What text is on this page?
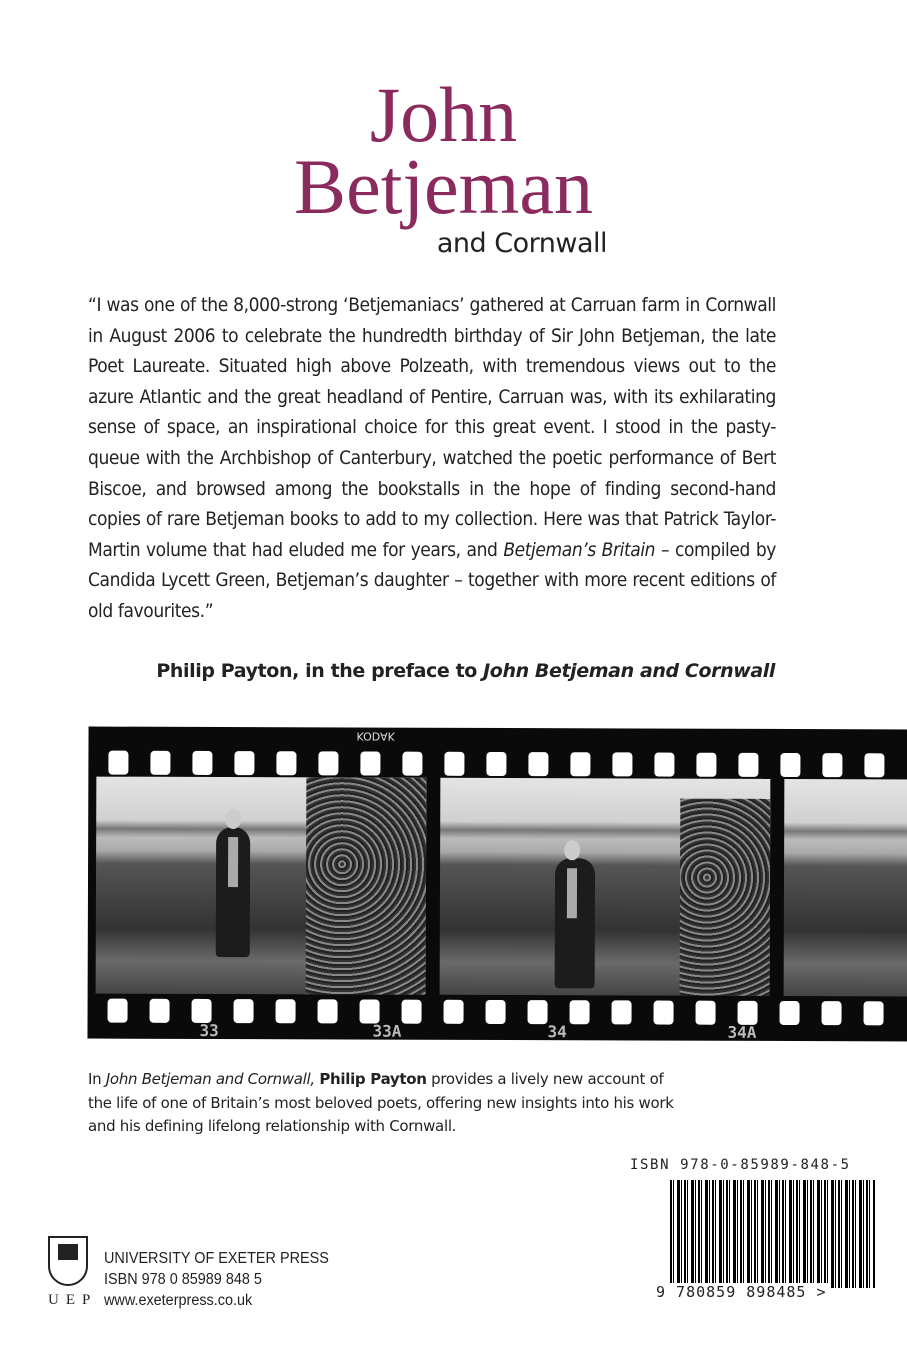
John
Betjeman
and Cornwall
“I was one of the 8,000-strong ‘Betjemaniacs’ gathered at Carruan farm in Cornwall in August 2006 to celebrate the hundredth birthday of Sir John Betjeman, the late Poet Laureate. Situated high above Polzeath, with tremendous views out to the azure Atlantic and the great headland of Pentire, Carruan was, with its exhilarating sense of space, an inspirational choice for this great event. I stood in the pasty-queue with the Archbishop of Canterbury, watched the poetic performance of Bert Biscoe, and browsed among the bookstalls in the hope of finding second-hand copies of rare Betjeman books to add to my collection. Here was that Patrick Taylor-Martin volume that had eluded me for years, and Betjeman’s Britain – compiled by Candida Lycett Green, Betjeman’s daughter – together with more recent editions of old favourites.”
Philip Payton, in the preface to John Betjeman and Cornwall
KODAK
33	33A	34	34A
In John Betjeman and Cornwall, Philip Payton provides a lively new account of the life of one of Britain’s most beloved poets, offering new insights into his work and his defining lifelong relationship with Cornwall.
ISBN 978-0-85989-848-5
9 780859 898485 >
UEP
UNIVERSITY OF EXETER PRESS
ISBN 978 0 85989 848 5
www.exeterpress.co.uk
